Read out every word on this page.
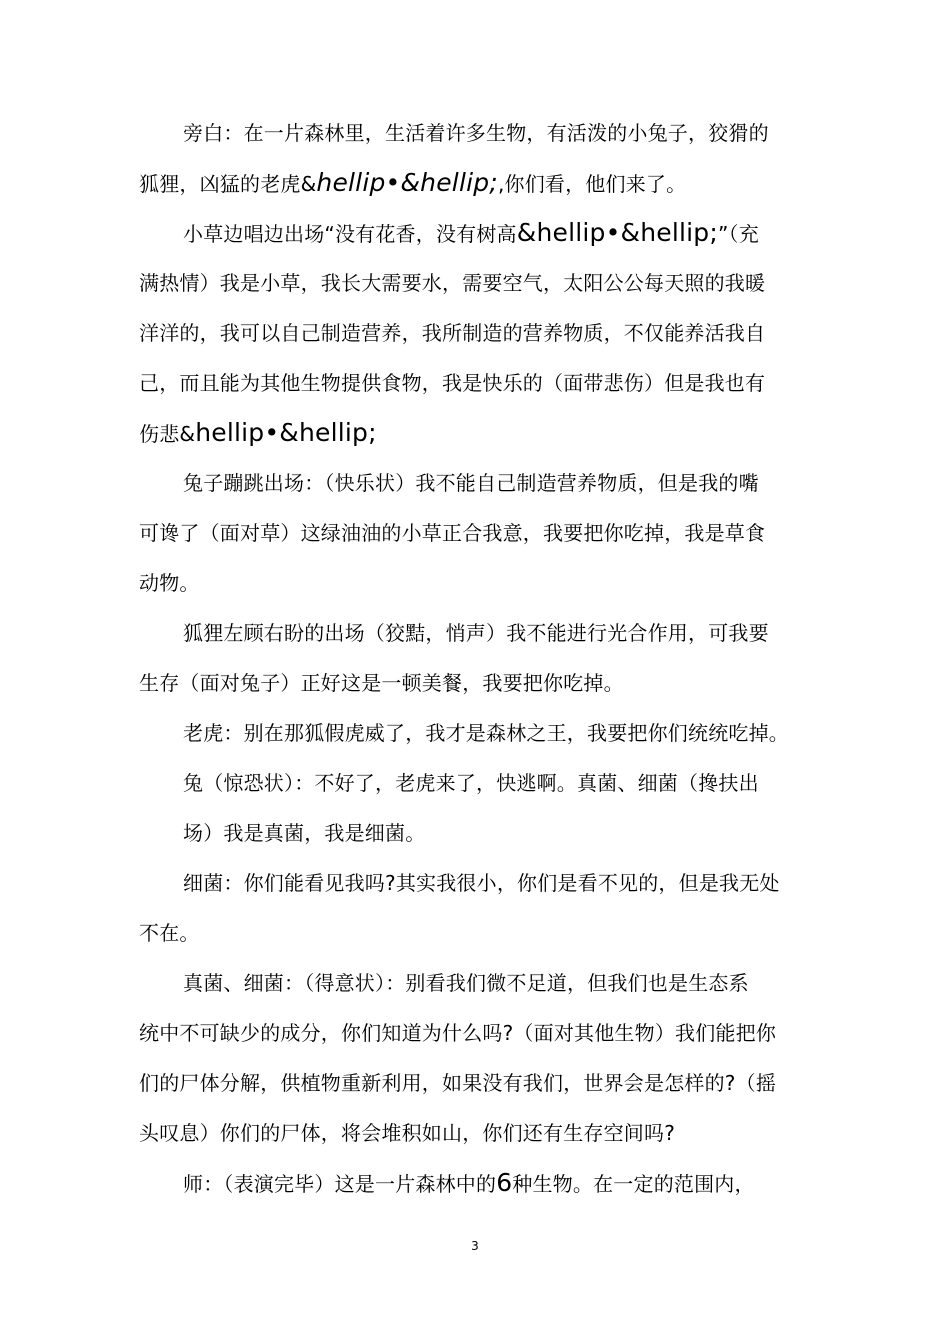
旁白：在一片森林里，生活着许多生物，有活泼的小兔子，狡猾的
狐狸，凶猛的老虎&hellip•&hellip;,你们看，他们来了。
小草边唱边出场“没有花香，没有树高&hellip•&hellip;”（充
满热情）我是小草，我长大需要水，需要空气，太阳公公每天照的我暖
洋洋的，我可以自己制造营养，我所制造的营养物质，不仅能养活我自
己，而且能为其他生物提供食物，我是快乐的（面带悲伤）但是我也有
伤悲&hellip•&hellip;
兔子蹦跳出场：（快乐状）我不能自己制造营养物质，但是我的嘴
可谗了（面对草）这绿油油的小草正合我意，我要把你吃掉，我是草食
动物。
狐狸左顾右盼的出场（狡黠，悄声）我不能进行光合作用，可我要
生存（面对兔子）正好这是一顿美餐，我要把你吃掉。
老虎：别在那狐假虎威了，我才是森林之王，我要把你们统统吃掉。
兔（惊恐状）：不好了，老虎来了，快逃啊。真菌、细菌（搀扶出
场）我是真菌，我是细菌。
细菌：你们能看见我吗?其实我很小，你们是看不见的，但是我无处
不在。
真菌、细菌：（得意状）：别看我们微不足道，但我们也是生态系
统中不可缺少的成分，你们知道为什么吗?（面对其他生物）我们能把你
们的尸体分解，供植物重新利用，如果没有我们，世界会是怎样的?（摇
头叹息）你们的尸体，将会堆积如山，你们还有生存空间吗?
师：（表演完毕）这是一片森林中的6种生物。在一定的范围内，
3
